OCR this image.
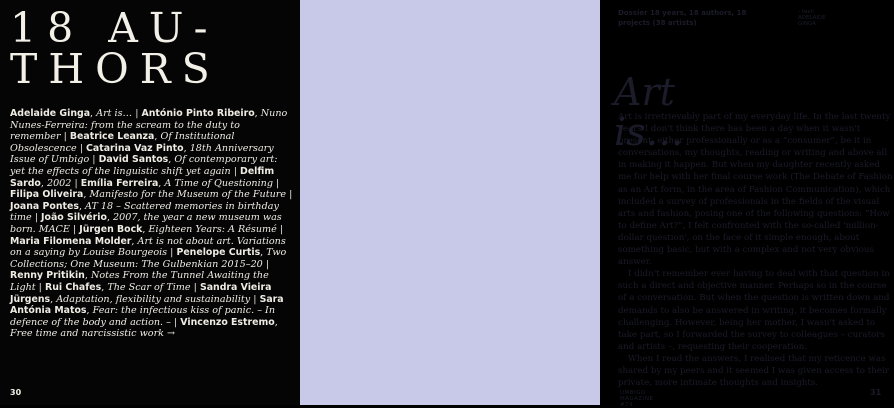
18 AU-
THORS

Adelaide Ginga, Art is… | António Pinto Ribeiro, Nuno Nunes-Ferreira: from the scream to the duty to remember | Beatrice Leanza, Of Institutional Obsolescence | Catarina Vaz Pinto, 18th Anniversary Issue of Umbigo | David Santos, Of contemporary art: yet the effects of the linguistic shift yet again | Delfim Sardo, 2002 | Emília Ferreira, A Time of Questioning | Filipa Oliveira, Manifesto for the Museum of the Future | Joana Pontes, AT 18 – Scattered memories in birthday time | João Silvério, 2007, the year a new museum was born. MACE | Jürgen Bock, Eighteen Years: A Résumé | Maria Filomena Molder, Art is not about art. Variations on a saying by Louise Bourgeois | Penelope Curtis, Two Collections; One Museum: The Gulbenkian 2015–20 | Renny Pritikin, Notes From the Tunnel Awaiting the Light | Rui Chafes, The Scar of Time | Sandra Vieira Jürgens, Adaptation, flexibility and sustainability | Sara Antónia Matos, Fear: the infectious kiss of panic. – In defence of the body and action. – | Vincenzo Estremo, Free time and narcissistic work →

30

Dossier 18 years, 18 authors, 18 projects (38 artists)

› text: ADELAIDE GINGA
Art is…

Art is irretrievably part of my everyday life. In the last twenty years I don't think there has been a day when it wasn't present, either professionally or as a “consumer”, be it in conversations, my thoughts, reading or writing and above all in making it happen. But when my daughter recently asked me for help with her final course work (The Debate of Fashion as an Art form, in the area of Fashion Communication), which included a survey of professionals in the fields of the visual arts and fashion, posing one of the following questions: “How to define Art?”, I felt confronted with the so-called 'million-dollar question', on the face of it simple enough, about something basic, but with a complex and not very obvious answer.

I didn't remember ever having to deal with that question in such a direct and objective manner. Perhaps so in the course of a conversation. But when the question is written down and demands to also be answered in writing, it becomes formally challenging. However, being her mother, I wasn't asked to take part, so I forwarded the survey to colleagues – curators and artists –, requesting their cooperation.

When I read the answers, I realised that my reticence was shared by my peers and it seemed I was given access to their private, more intimate thoughts and insights.

UMBIGO MAGAZINE #74
31
